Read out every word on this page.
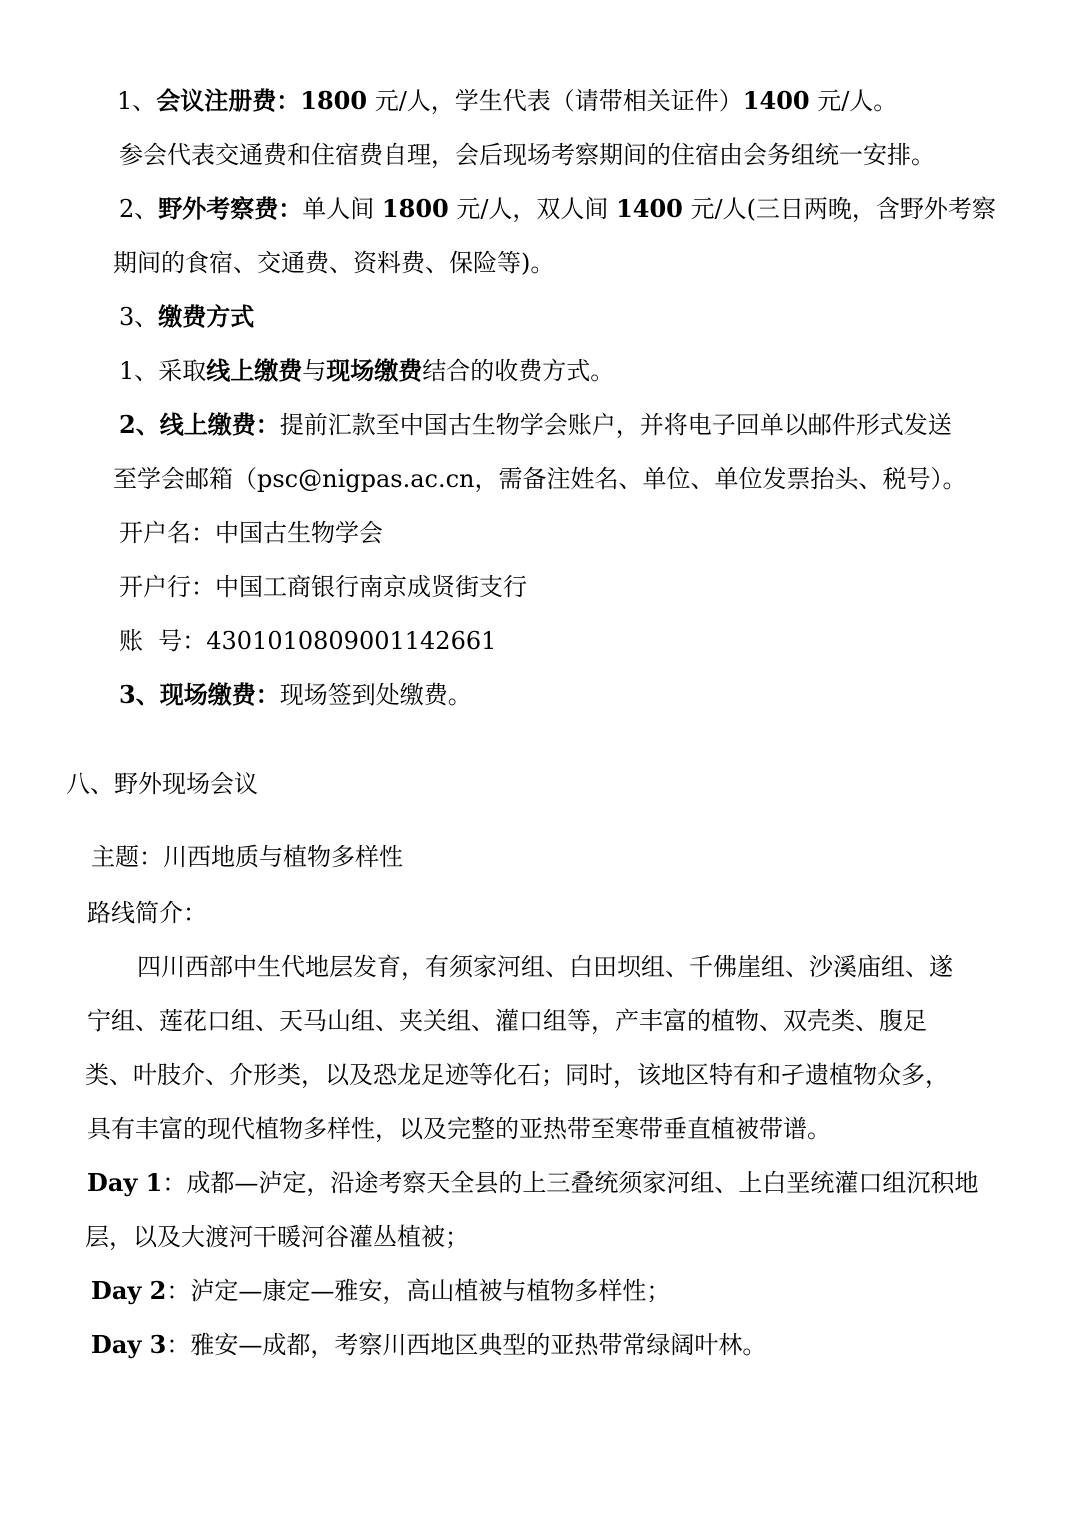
1、会议注册费：1800 元/人，学生代表（请带相关证件）1400 元/人。
参会代表交通费和住宿费自理，会后现场考察期间的住宿由会务组统一安排。
2、野外考察费：单人间 1800 元/人，双人间 1400 元/人(三日两晚，含野外考察
期间的食宿、交通费、资料费、保险等)。
3、缴费方式
1、采取线上缴费与现场缴费结合的收费方式。
2、线上缴费：提前汇款至中国古生物学会账户，并将电子回单以邮件形式发送
至学会邮箱（psc@nigpas.ac.cn，需备注姓名、单位、单位发票抬头、税号）。
开户名：中国古生物学会
开户行：中国工商银行南京成贤街支行
账  号：4301010809001142661
3、现场缴费：现场签到处缴费。
八、野外现场会议
主题：川西地质与植物多样性
路线简介：
四川西部中生代地层发育，有须家河组、白田坝组、千佛崖组、沙溪庙组、遂
宁组、莲花口组、天马山组、夹关组、灌口组等，产丰富的植物、双壳类、腹足
类、叶肢介、介形类，以及恐龙足迹等化石；同时，该地区特有和孑遗植物众多，
具有丰富的现代植物多样性，以及完整的亚热带至寒带垂直植被带谱。
Day 1：成都—泸定，沿途考察天全县的上三叠统须家河组、上白垩统灌口组沉积地
层，以及大渡河干暖河谷灌丛植被；
Day 2：泸定—康定—雅安，高山植被与植物多样性；
Day 3：雅安—成都，考察川西地区典型的亚热带常绿阔叶林。
